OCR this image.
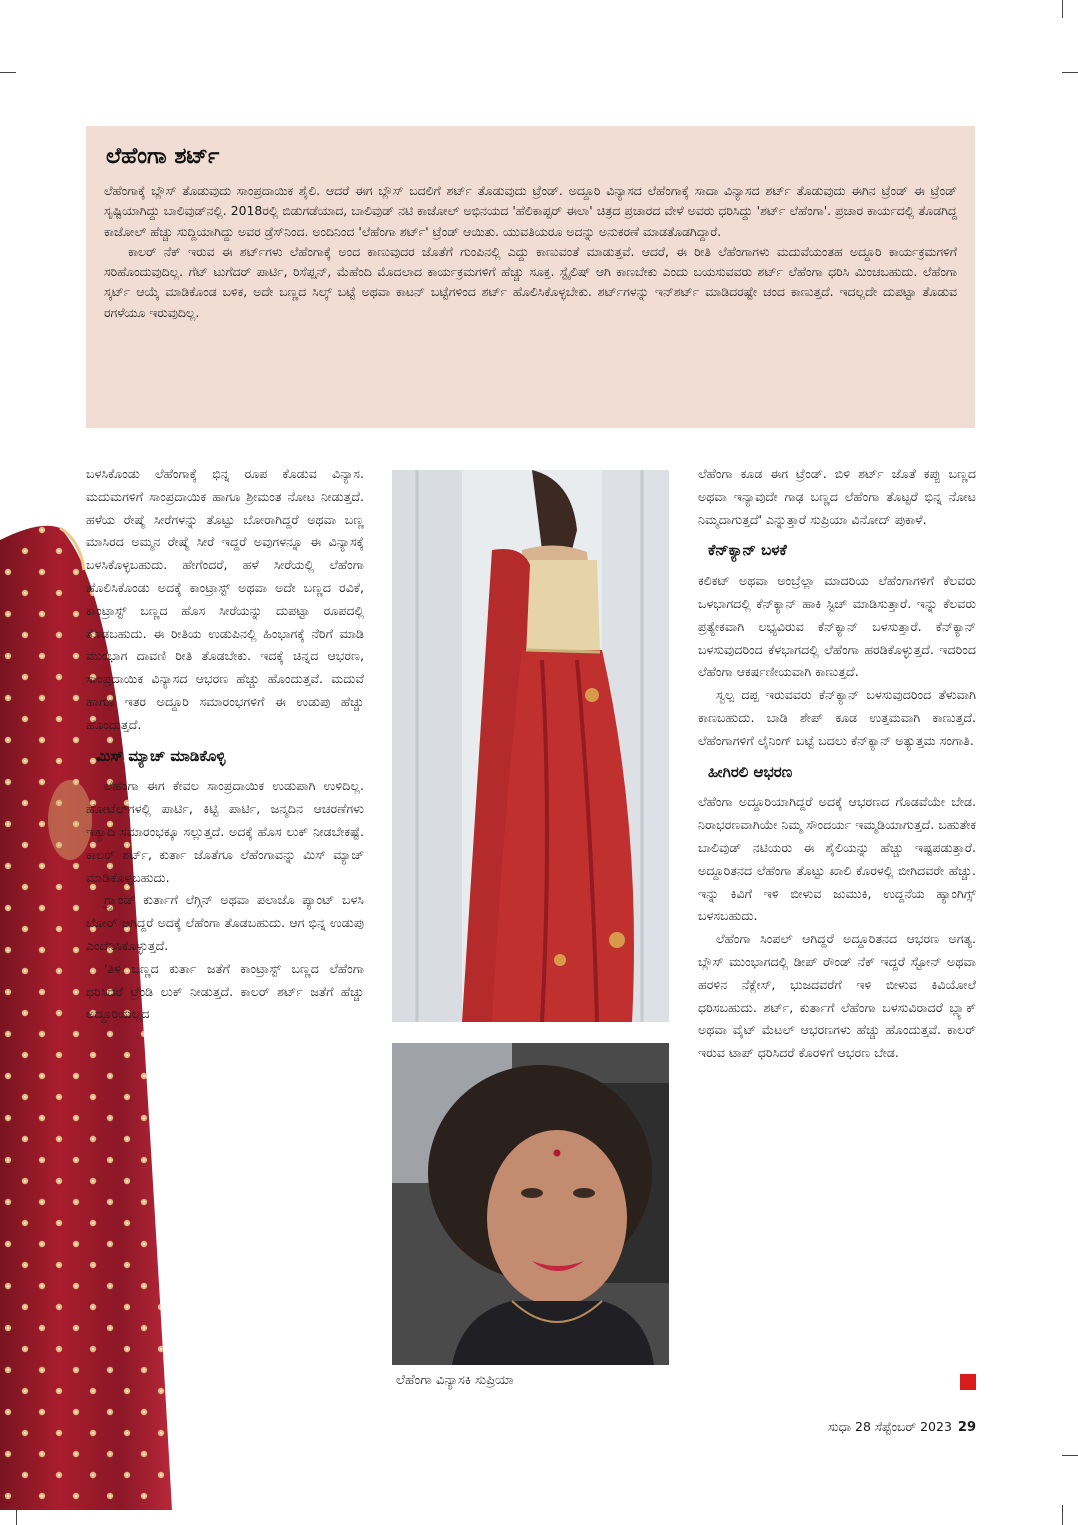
ಲೆಹೆಂಗಾ ಶರ್ಟ್

ಲೆಹೆಂಗಾಕ್ಕೆ ಬ್ಲೌಸ್ ತೊಡುವುದು ಸಾಂಪ್ರದಾಯಿಕ ಶೈಲಿ. ಆದರೆ ಈಗ ಬ್ಲೌಸ್ ಬದಲಿಗೆ ಶರ್ಟ್ ತೊಡುವುದು ಟ್ರೆಂಡ್. ಅದ್ದೂರಿ ವಿನ್ಯಾಸದ ಲೆಹೆಂಗಾಕ್ಕೆ ಸಾದಾ ವಿನ್ಯಾಸದ ಶರ್ಟ್ ತೊಡುವುದು ಈಗಿನ ಟ್ರೆಂಡ್ ಈ ಟ್ರೆಂಡ್ ಸೃಷ್ಟಿಯಾಗಿದ್ದು ಬಾಲಿವುಡ್‌ನಲ್ಲಿ. 2018ರಲ್ಲಿ ಬಿಡುಗಡೆಯಾದ, ಬಾಲಿವುಡ್ ನಟಿ ಕಾಜೋಲ್ ಅಭಿನಯದ 'ಹೆಲಿಕಾಪ್ಟರ್ ಈಲಾ' ಚಿತ್ರದ ಪ್ರಚಾರದ ವೇಳೆ ಅವರು ಧರಿಸಿದ್ದು 'ಶರ್ಟ್ ಲೆಹೆಂಗಾ'. ಪ್ರಚಾರ ಕಾರ್ಯದಲ್ಲಿ ತೊಡಗಿದ್ದ ಕಾಜೋಲ್ ಹೆಚ್ಚು ಸುದ್ದಿಯಾಗಿದ್ದು ಅವರ ಡ್ರೆಸ್‌ನಿಂದ. ಅಂದಿನಿಂದ 'ಲೆಹೆಂಗಾ ಶರ್ಟ್' ಟ್ರೆಂಡ್ ಆಯಿತು. ಯುವತಿಯರೂ ಅದನ್ನು ಅನುಕರಣೆ ಮಾಡತೊಡಗಿದ್ದಾರೆ.

ಕಾಲರ್ ನೆಕ್ ಇರುವ ಈ ಶರ್ಟ್‌ಗಳು ಲೆಹೆಂಗಾಕ್ಕೆ ಅಂದ ಕಾಣುವುದರ ಜೊತೆಗೆ ಗುಂಪಿನಲ್ಲಿ ಎದ್ದು ಕಾಣುವಂತೆ ಮಾಡುತ್ತವೆ. ಆದರೆ, ಈ ರೀತಿ ಲೆಹೆಂಗಾಗಳು ಮದುವೆಯಂತಹ ಅದ್ದೂರಿ ಕಾರ್ಯಕ್ರಮಗಳಿಗೆ ಸರಿಹೊಂದುವುದಿಲ್ಲ. ಗೆಟ್ ಟುಗೆದರ್ ಪಾರ್ಟಿ, ರಿಸೆಪ್ಷನ್, ಮೆಹೆಂದಿ ಮೊದಲಾದ ಕಾರ್ಯಕ್ರಮಗಳಿಗೆ ಹೆಚ್ಚು ಸೂಕ್ತ. ಸ್ಟೈಲಿಷ್ ಆಗಿ ಕಾಣಬೇಕು ಎಂದು ಬಯಸುವವರು ಶರ್ಟ್ ಲೆಹೆಂಗಾ ಧರಿಸಿ ಮಿಂಚಬಹುದು. ಲೆಹೆಂಗಾ ಸ್ಕರ್ಟ್ ಆಯ್ಕೆ ಮಾಡಿಕೊಂಡ ಬಳಿಕ, ಅದೇ ಬಣ್ಣದ ಸಿಲ್ಕ್ ಬಟ್ಟೆ ಅಥವಾ ಕಾಟನ್ ಬಟ್ಟೆಗಳಿಂದ ಶರ್ಟ್ ಹೊಲಿಸಿಕೊಳ್ಳಬೇಕು. ಶರ್ಟ್‌ಗಳನ್ನು ಇನ್‌ಶರ್ಟ್ ಮಾಡಿದರಷ್ಟೇ ಚಂದ ಕಾಣುತ್ತದೆ. ಇದಲ್ಲದೇ ದುಪಟ್ಟಾ ತೊಡುವ ರಗಳೆಯೂ ಇರುವುದಿಲ್ಲ.

ಬಳಸಿಕೊಂಡು ಲೆಹೆಂಗಾಕ್ಕೆ ಭಿನ್ನ ರೂಪ ಕೊಡುವ ವಿನ್ಯಾಸ. ಮದುಮಗಳಿಗೆ ಸಾಂಪ್ರದಾಯಿಕ ಹಾಗೂ ಶ್ರೀಮಂತ ನೋಟ ನೀಡುತ್ತದೆ. ಹಳೆಯ ರೇಷ್ಮೆ ಸೀರೆಗಳನ್ನು ತೊಟ್ಟು ಬೋರಾಗಿದ್ದರೆ ಅಥವಾ ಬಣ್ಣ ಮಾಸಿರದ ಅಮ್ಮನ ರೇಷ್ಮೆ ಸೀರೆ ಇದ್ದರೆ ಅವುಗಳನ್ನೂ ಈ ವಿನ್ಯಾಸಕ್ಕೆ ಬಳಸಿಕೊಳ್ಳಬಹುದು. ಹೇಗೆಂದರೆ, ಹಳೆ ಸೀರೆಯಲ್ಲಿ ಲೆಹೆಂಗಾ ಹೊಲಿಸಿಕೊಂಡು ಅದಕ್ಕೆ ಕಾಂಟ್ರಾಸ್ಟ್ ಅಥವಾ ಅದೇ ಬಣ್ಣದ ರವಿಕೆ, ಕಾಂಟ್ರಾಸ್ಟ್ ಬಣ್ಣದ ಹೊಸ ಸೀರೆಯನ್ನು ದುಪಟ್ಟಾ ರೂಪದಲ್ಲಿ ತೊಡಬಹುದು. ಈ ರೀತಿಯ ಉಡುಪಿನಲ್ಲಿ ಹಿಂಭಾಗಕ್ಕೆ ನೆರಿಗೆ ಮಾಡಿ ಮುಂಭಾಗ ದಾವಣಿ ರೀತಿ ತೊಡಬೇಕು. ಇದಕ್ಕೆ ಚಿನ್ನದ ಆಭರಣ, ಸಾಂಪ್ರದಾಯಿಕ ವಿನ್ಯಾಸದ ಆಭರಣ ಹೆಚ್ಚು ಹೊಂದುತ್ತವೆ. ಮದುವೆ ಹಾಗೂ ಇತರ ಅದ್ದೂರಿ ಸಮಾರಂಭಗಳಿಗೆ ಈ ಉಡುಪು ಹೆಚ್ಚು ಹೊಂದುತ್ತದೆ.

ಮಿಸ್ ಮ್ಯಾಚ್ ಮಾಡಿಕೊಳ್ಳಿ

ಲೆಹೆಂಗಾ ಈಗ ಕೇವಲ ಸಾಂಪ್ರದಾಯಿಕ ಉಡುಪಾಗಿ ಉಳಿದಿಲ್ಲ. ಹೋಟೆಲ್‌ಗಳಲ್ಲಿ ಪಾರ್ಟಿ, ಕಿಟ್ಟಿ ಪಾರ್ಟಿ, ಜನ್ಮದಿನ ಆಚರಣೆಗಳು ಇತ್ಯಾದಿ ಸಮಾರಂಭಕ್ಕೂ ಸಲ್ಲುತ್ತದೆ. ಅದಕ್ಕೆ ಹೊಸ ಲುಕ್ ನೀಡಬೇಕಷ್ಟೆ. ಕಾಲರ್ ಶರ್ಟ್, ಕುರ್ತಾ ಜೊತೆಗೂ ಲೆಹೆಂಗಾವನ್ನು ಮಿಸ್ ಮ್ಯಾಚ್ ಮಾಡಿಕೊಳ್ಳಬಹುದು.

ಗ್ರ್ಯಾಂಡ್ ಕುರ್ತಾಗೆ ಲೆಗ್ಗಿನ್ ಅಥವಾ ಪಲಾಜೊ ಪ್ಯಾಂಟ್ ಬಳಸಿ ಬೋರ್ ಆಗಿದ್ದರೆ ಅದಕ್ಕೆ ಲೆಹೆಂಗಾ ತೊಡಬಹುದು. ಆಗ ಭಿನ್ನ ಉಡುಪು ಎಂದೆನಿಸಿಕೊಳ್ಳುತ್ತದೆ.

'ತಿಳಿ ಬಣ್ಣದ ಕುರ್ತಾ ಜತೆಗೆ ಕಾಂಟ್ರಾಸ್ಟ್ ಬಣ್ಣದ ಲೆಹೆಂಗಾ ಧರಿಸಿದರೆ ಟ್ರೆಂಡಿ ಲುಕ್ ನೀಡುತ್ತದೆ. ಕಾಲರ್ ಶರ್ಟ್ ಜತೆಗೆ ಹೆಚ್ಚು ಅದ್ದೂರಿಯಲ್ಲದ

ಲೆಹೆಂಗಾ ಕೂಡ ಈಗ ಟ್ರೆಂಡ್. ಬಿಳಿ ಶರ್ಟ್ ಜೊತೆ ಕಪ್ಪು ಬಣ್ಣದ ಅಥವಾ ಇನ್ಯಾವುದೇ ಗಾಢ ಬಣ್ಣದ ಲೆಹೆಂಗಾ ತೊಟ್ಟರೆ ಭಿನ್ನ ನೋಟ ನಿಮ್ಮದಾಗುತ್ತದೆ' ಎನ್ನುತ್ತಾರೆ ಸುಪ್ರಿಯಾ ವಿನೋದ್ ಪುಕಾಳೆ.

ಕೆನ್‌ಕ್ಯಾನ್ ಬಳಕೆ

ಕಲಿಕಟ್ ಅಥವಾ ಅಂಬ್ರೆಲ್ಲಾ ಮಾದರಿಯ ಲೆಹೆಂಗಾಗಳಿಗೆ ಕೆಲವರು ಒಳಭಾಗದಲ್ಲಿ ಕೆನ್‌ಕ್ಯಾನ್ ಹಾಕಿ ಸ್ಟಿಚ್ ಮಾಡಿಸುತ್ತಾರೆ. ಇನ್ನು ಕೆಲವರು ಪ್ರತ್ಯೇಕವಾಗಿ ಲಭ್ಯವಿರುವ ಕೆನ್‌ಕ್ಯಾನ್ ಬಳಸುತ್ತಾರೆ. ಕೆನ್‌ಕ್ಯಾನ್ ಬಳಸುವುದರಿಂದ ಕೆಳಭಾಗದಲ್ಲಿ ಲೆಹೆಂಗಾ ಹರಡಿಕೊಳ್ಳುತ್ತದೆ. ಇದರಿಂದ ಲೆಹೆಂಗಾ ಆಕರ್ಷಣೀಯವಾಗಿ ಕಾಣುತ್ತದೆ.

ಸ್ವಲ್ಪ ದಪ್ಪ ಇರುವವರು ಕೆನ್‌ಕ್ಯಾನ್ ಬಳಸುವುದರಿಂದ ತೆಳುವಾಗಿ ಕಾಣಬಹುದು. ಬಾಡಿ ಶೇಪ್ ಕೂಡ ಉತ್ತಮವಾಗಿ ಕಾಣುತ್ತದೆ. ಲೆಹೆಂಗಾಗಳಿಗೆ ಲೈನಿಂಗ್ ಬಟ್ಟೆ ಬದಲು ಕೆನ್‌ಕ್ಯಾನ್ ಅತ್ಯುತ್ತಮ ಸಂಗಾತಿ.

ಹೀಗಿರಲಿ ಆಭರಣ

ಲೆಹೆಂಗಾ ಅದ್ದೂರಿಯಾಗಿದ್ದರೆ ಅದಕ್ಕೆ ಆಭರಣದ ಗೊಡವೆಯೇ ಬೇಡ. ನಿರಾಭರಣವಾಗಿಯೇ ನಿಮ್ಮ ಸೌಂದರ್ಯ ಇಮ್ಮಡಿಯಾಗುತ್ತದೆ. ಬಹುತೇಕ ಬಾಲಿವುಡ್ ನಟಿಯರು ಈ ಶೈಲಿಯನ್ನು ಹೆಚ್ಚು ಇಷ್ಟಪಡುತ್ತಾರೆ. ಅದ್ದೂರಿತನದ ಲೆಹೆಂಗಾ ತೊಟ್ಟು ಖಾಲಿ ಕೊರಳಲ್ಲಿ ಬೀಗಿದವರೇ ಹೆಚ್ಚು. ಇನ್ನು ಕಿವಿಗೆ ಇಳಿ ಬೀಳುವ ಜುಮುಕಿ, ಉದ್ದನೆಯ ಹ್ಯಾಂಗಿಗ್ಸ್ ಬಳಸಬಹುದು.

ಲೆಹೆಂಗಾ ಸಿಂಪಲ್ ಆಗಿದ್ದರೆ ಅದ್ದೂರಿತನದ ಆಭರಣ ಅಗತ್ಯ. ಬ್ಲೌಸ್ ಮುಂಭಾಗದಲ್ಲಿ ಡೀಪ್ ರೌಂಡ್ ನೆಕ್ ಇದ್ದರೆ ಸ್ಟೋನ್ ಅಥವಾ ಹರಳಿನ ನೆಕ್ಲೇಸ್, ಭುಜದವರೆಗೆ ಇಳಿ ಬೀಳುವ ಕಿವಿಯೋಲೆ ಧರಿಸಬಹುದು. ಶರ್ಟ್, ಕುರ್ತಾಗೆ ಲೆಹೆಂಗಾ ಬಳಸುವಿರಾದರೆ ಬ್ಲ್ಯಾಕ್ ಅಥವಾ ವೈಟ್ ಮೆಟಲ್ ಆಭರಣಗಳು ಹೆಚ್ಚು ಹೊಂದುತ್ತವೆ. ಕಾಲರ್ ಇರುವ ಟಾಪ್ ಧರಿಸಿದರೆ ಕೊರಳಿಗೆ ಆಭರಣ ಬೇಡ.

ಲೆಹೆಂಗಾ ವಿನ್ಯಾಸಕಿ ಸುಪ್ರಿಯಾ
ಸುಧಾ 28 ಸೆಪ್ಟೆಂಬರ್ 2023 29
